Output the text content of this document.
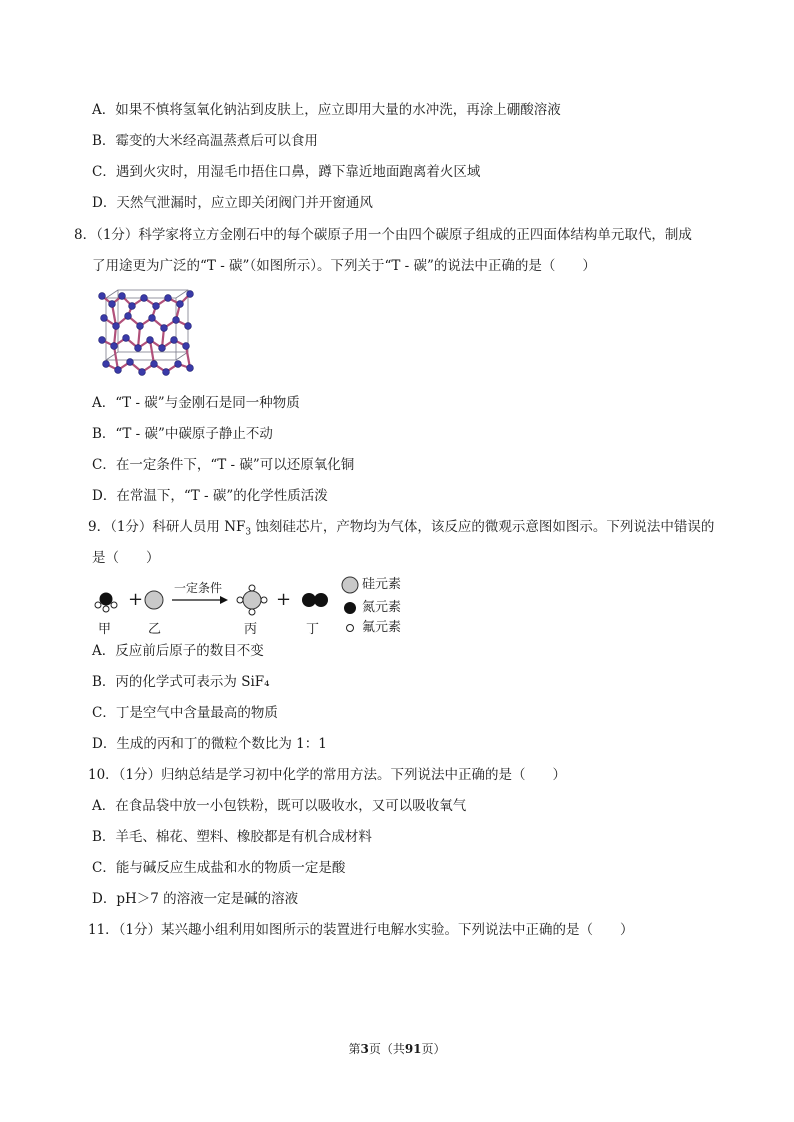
A．如果不慎将氢氧化钠沾到皮肤上，应立即用大量的水冲洗，再涂上硼酸溶液
B．霉变的大米经高温蒸煮后可以食用
C．遇到火灾时，用湿毛巾捂住口鼻，蹲下靠近地面跑离着火区域
D．天然气泄漏时，应立即关闭阀门并开窗通风
8．（1分）科学家将立方金刚石中的每个碳原子用一个由四个碳原子组成的正四面体结构单元取代，制成
了用途更为广泛的“T - 碳”（如图所示）。下列关于“T - 碳”的说法中正确的是（　　）
A．“T - 碳”与金刚石是同一种物质
B．“T - 碳”中碳原子静止不动
C．在一定条件下，“T - 碳”可以还原氧化铜
D．在常温下，“T - 碳”的化学性质活泼
9．（1分）科研人员用 $NF_3$ 蚀刻硅芯片，产物均为气体，该反应的微观示意图如图示。下列说法中错误的
是（　　）
+	+
一定条件
甲	乙	丙	丁
硅元素
氮元素
氟元素
A．反应前后原子的数目不变
B．丙的化学式可表示为 SiF₄
C．丁是空气中含量最高的物质
D．生成的丙和丁的微粒个数比为 1：1
10．（1分）归纳总结是学习初中化学的常用方法。下列说法中正确的是（　　）
A．在食品袋中放一小包铁粉，既可以吸收水，又可以吸收氧气
B．羊毛、棉花、塑料、橡胶都是有机合成材料
C．能与碱反应生成盐和水的物质一定是酸
D．pH＞7 的溶液一定是碱的溶液
11．（1分）某兴趣小组利用如图所示的装置进行电解水实验。下列说法中正确的是（　　）
第3页（共91页）
